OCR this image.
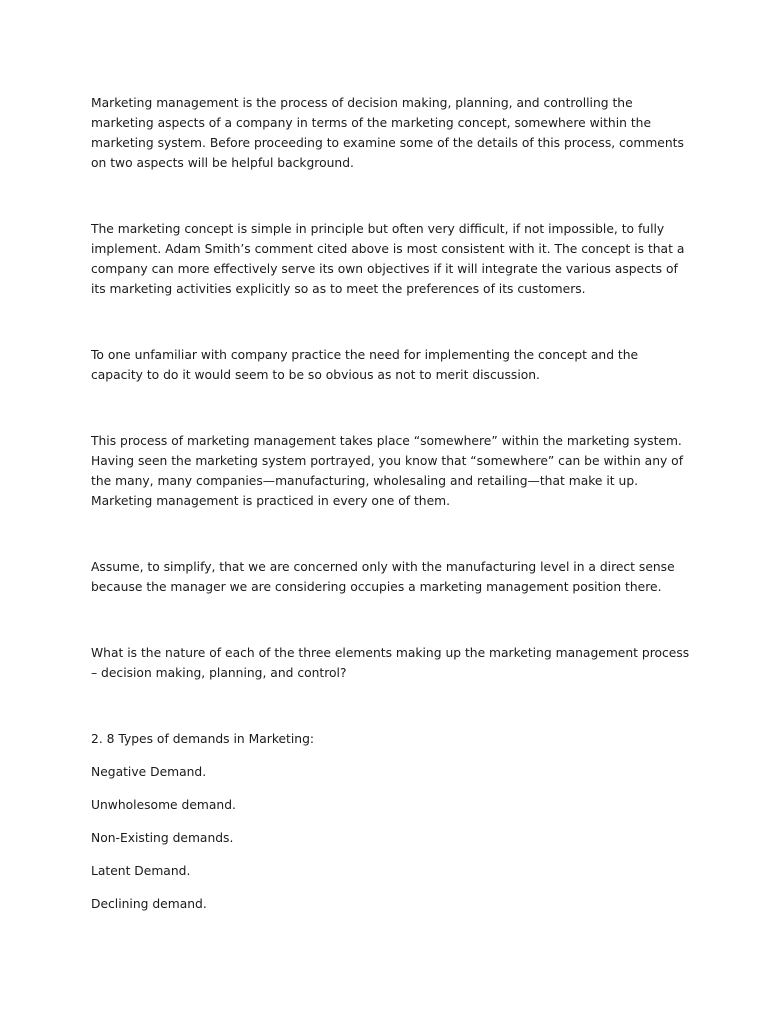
Marketing management is the process of decision making, planning, and controlling the marketing aspects of a company in terms of the marketing concept, somewhere within the marketing system. Before proceeding to examine some of the details of this process, comments on two aspects will be helpful background.

The marketing concept is simple in principle but often very difficult, if not impossible, to fully implement. Adam Smith’s comment cited above is most consistent with it. The concept is that a company can more effectively serve its own objectives if it will integrate the various aspects of its marketing activities explicitly so as to meet the preferences of its customers.

To one unfamiliar with company practice the need for implementing the concept and the capacity to do it would seem to be so obvious as not to merit discussion.

This process of marketing management takes place “somewhere” within the marketing system. Having seen the marketing system portrayed, you know that “somewhere” can be within any of the many, many companies—manufacturing, wholesaling and retailing—that make it up. Marketing management is practiced in every one of them.

Assume, to simplify, that we are concerned only with the manufacturing level in a direct sense because the manager we are considering occupies a marketing management position there.

What is the nature of each of the three elements making up the marketing management process – decision making, planning, and control?

2. 8 Types of demands in Marketing:

Negative Demand.

Unwholesome demand.

Non-Existing demands.

Latent Demand.

Declining demand.
